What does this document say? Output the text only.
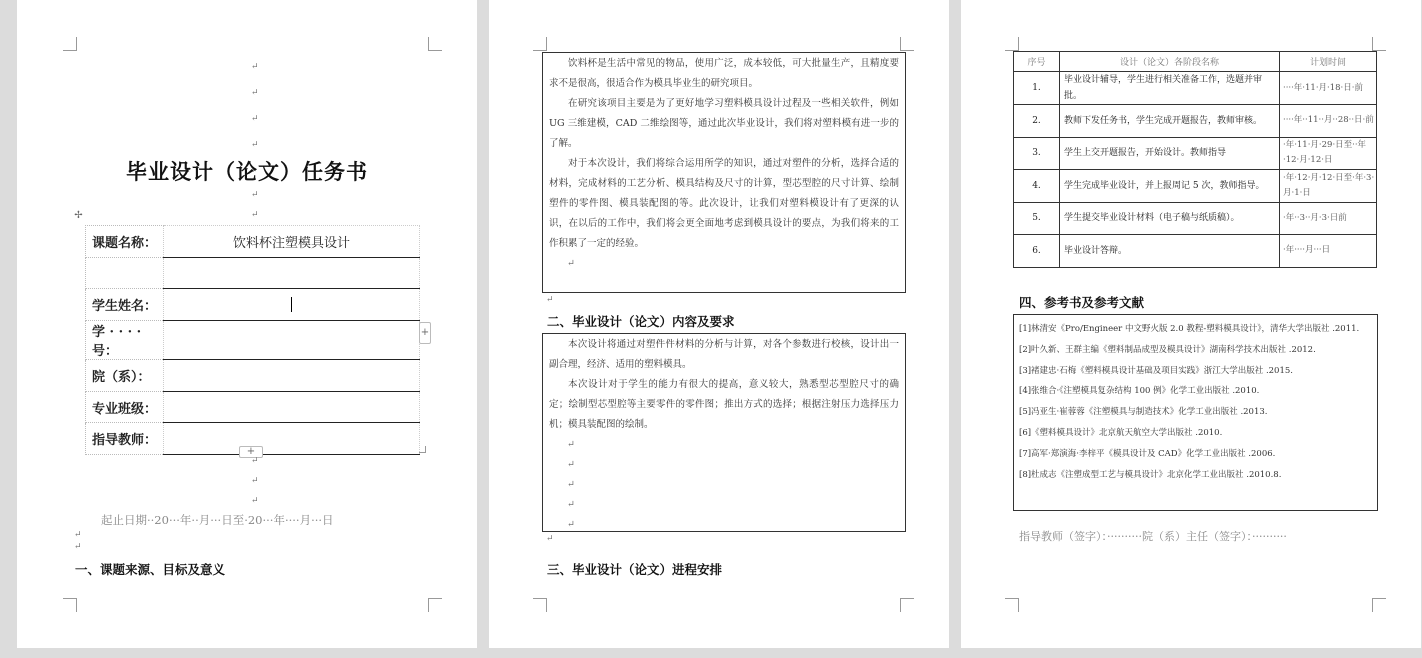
↵
↵
↵
↵
毕业设计（论文）任务书
↵
↵
✢
课题名称：	饮料杯注塑模具设计

学生姓名：	
学 · · · · 号：	
院（系）：	
专业班级：	
指导教师：	
+
+
↵
↵
↵
起止日期··20···年··月···日至·20···年····月···日
↵
↵
一、课题来源、目标及意义

饮料杯是生活中常见的物品，使用广泛，成本较低，可大批量生产，且精度要求不是很高，很适合作为模具毕业生的研究项目。

在研究该项目主要是为了更好地学习塑料模具设计过程及一些相关软件，例如 UG 三维建模，CAD 二维绘图等，通过此次毕业设计，我们将对塑料模有进一步的了解。

对于本次设计，我们将综合运用所学的知识，通过对塑件的分析，选择合适的材料，完成材料的工艺分析、模具结构及尺寸的计算，型芯型腔的尺寸计算、绘制塑件的零件图、模具装配图的等。此次设计，让我们对塑料模设计有了更深的认识，在以后的工作中，我们将会更全面地考虑到模具设计的要点，为我们将来的工作积累了一定的经验。

↵
↵
二、毕业设计（论文）内容及要求

本次设计将通过对塑件件材料的分析与计算，对各个参数进行校核，设计出一副合理，经济、适用的塑料模具。

本次设计对于学生的能力有很大的提高，意义较大，熟悉型芯型腔尺寸的确定；绘制型芯型腔等主要零件的零件图；推出方式的选择；根据注射压力选择压力机；模具装配图的绘制。

↵
↵
↵
↵
↵
↵
三、毕业设计（论文）进程安排
序号	设计（论文）各阶段名称	计划时间
1.	毕业设计辅导，学生进行相关准备工作，选题并审批。	····年·11·月·18·日·前
2.	教师下发任务书，学生完成开题报告，教师审核。	····年··11··月··28··日·前
3.	学生上交开题报告，开始设计。教师指导	·年·11·月·29·日至··年·12·月·12·日
4.	学生完成毕业设计，并上报周记 5 次，教师指导。	·年·12·月·12·日至·年·3·月·1·日
5.	学生提交毕业设计材料（电子稿与纸质稿）。	·年··3··月·3·日前
6.	毕业设计答辩。	·年····月···日
四、参考书及参考文献
[1]林清安《Pro/Engineer 中文野火版 2.0 教程-塑料模具设计》，清华大学出版社 .2011.
[2]叶久新、王群主编《塑料制品成型及模具设计》湖南科学技术出版社 .2012.
[3]褚建忠·石梅《塑料模具设计基础及项目实践》浙江大学出版社 .2015.
[4]张维合·《注塑模具复杂结构 100 例》化学工业出版社 .2010.
[5]冯亚生·崔蓉蓉《注塑模具与制造技术》化学工业出版社 .2013.
[6]《塑料模具设计》北京航天航空大学出版社 .2010.
[7]高军·郑演海·李梓平《模具设计及 CAD》化学工业出版社 .2006.
[8]杜成志《注塑成型工艺与模具设计》北京化学工业出版社 .2010.8.
指导教师（签字）：··········院（系）主任（签字）：··········
